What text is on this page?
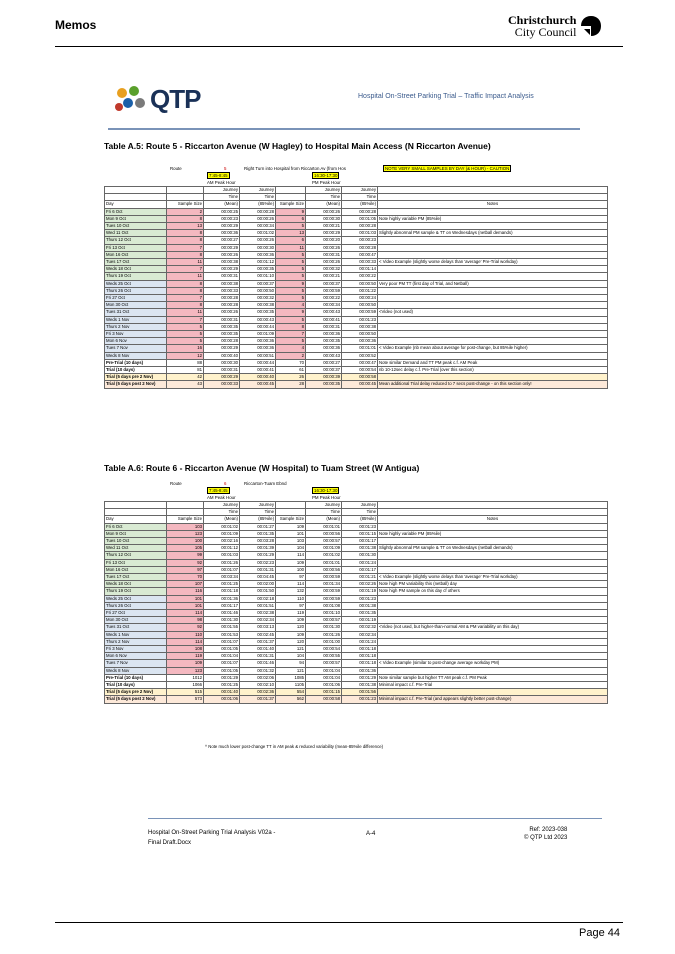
Memos	Christchurch
City Council
QTP	Hospital On-Street Parking Trial – Traffic Impact Analysis
Table A.5: Route 5 - Riccarton Avenue (W Hagley) to Hospital Main Access (N Riccarton Avenue)
Route	5	Right Turn into Hospital from Riccarton Av (from Hos	NOTE VERY SMALL SAMPLES BY DAY (& HOUR) - CAUTION
7:45-8:45	16:30-17:30
AM Peak Hour	PM Peak Hour
		Journey	Journey		Journey	Journey	
		Time	Time		Time	Time	
Day	Sample Size	(Mean)	(85%ile)	Sample Size	(Mean)	(85%ile)	Notes
Fri 6 Oct	2	00:00:25	00:00:28	9	00:00:26	00:00:28	
Mon 9 Oct	8	00:00:23	00:00:26	6	00:00:30	00:01:05	Note highly variable PM (85%ile)
Tues 10 Oct	13	00:00:29	00:00:34	5	00:00:21	00:00:28	
Wed 11 Oct	8	00:00:36	00:01:02	13	00:00:29	00:01:03	Slightly abnormal PM sample & TT on Wednesdays (netball demands)
Thurs 12 Oct	8	00:00:27	00:00:26	6	00:00:20	00:00:23	
Fri 13 Oct	7	00:00:29	00:00:30	11	00:00:26	00:00:28	
Mon 16 Oct	8	00:00:26	00:00:36	5	00:00:31	00:00:47	
Tues 17 Oct	11	00:00:38	00:01:12	5	00:00:26	00:00:33	< Video Example (slightly worse delays than 'average' Pre-Trial workday)
Weds 18 Oct	7	00:00:29	00:00:35	5	00:00:32	00:01:14	
Thurs 19 Oct	11	00:00:31	00:01:10	5	00:00:21	00:00:22	
Weds 25 Oct	8	00:00:38	00:00:37	9	00:00:37	00:00:50	Very poor PM TT (first day of Trial, and Netball)
Thurs 26 Oct	8	00:00:33	00:00:50	5	00:00:59	00:01:22	
Fri 27 Oct	7	00:00:28	00:00:32	5	00:00:22	00:00:24	
Mon 30 Oct	8	00:00:28	00:00:38	4	00:00:34	00:00:50	
Tues 31 Oct	11	00:00:26	00:00:35	9	00:00:43	00:00:59	<Video (not used)
Weds 1 Nov	7	00:00:31	00:00:43	5	00:00:41	00:01:23	
Thurs 2 Nov	5	00:00:35	00:00:44	8	00:00:31	00:00:38	
Fri 3 Nov	5	00:00:35	00:01:09	7	00:00:36	00:00:50	
Mon 6 Nov	5	00:00:28	00:00:36	5	00:00:35	00:00:36	
Tues 7 Nov	16	00:00:29	00:00:36	4	00:00:36	00:01:01	< Video Example (nb mean about average for post-change, but 85%ile higher)
Weds 8 Nov	12	00:00:40	00:00:51	2	00:00:43	00:00:52	
Pre-Trial (10 days)	88	00:00:30	00:00:44	70	00:00:27	00:00:47	Note similar Demand and TT PM peak c.f. AM Peak
Trial (10 days)	81	00:00:31	00:00:41	61	00:00:37	00:00:54	nb 10-12sec delay c.f. Pre-Trial (over this section)
Trial (5 days pre 2 Nov)	42	00:00:29	00:00:40	26	00:00:39	00:00:58	
Trial (5 days post 2 Nov)	43	00:00:33	00:00:45	28	00:00:35	00:00:45	Mean additional Trial delay reduced to 7 secs post-change - on this section only!
Table A.6: Route 6 - Riccarton Avenue (W Hospital) to Tuam Street (W Antigua)
Route	6	Riccarton-Tuam Ebnd
7:45-8:45	16:30-17:30
AM Peak Hour	PM Peak Hour
		Journey	Journey		Journey	Journey	
		Time	Time		Time	Time	
Day	Sample Size	(Mean)	(85%ile)	Sample Size	(Mean)	(85%ile)	Notes
Fri 6 Oct	103	00:01:02	00:01:27	109	00:01:01	00:01:23	
Mon 9 Oct	123	00:01:09	00:01:35	101	00:00:56	00:01:15	Note highly variable PM (85%ile)
Tues 10 Oct	100	00:02:16	00:03:28	103	00:00:57	00:01:17	
Wed 11 Oct	105	00:01:12	00:01:39	104	00:01:09	00:01:38	Slightly abnormal PM sample & TT on Wednesdays (netball demands)
Thurs 12 Oct	99	00:01:03	00:01:29	114	00:01:02	00:01:30	
Fri 13 Oct	92	00:01:26	00:02:23	109	00:01:01	00:01:24	
Mon 16 Oct	97	00:01:07	00:01:31	100	00:00:56	00:01:17	
Tues 17 Oct	70	00:03:34	00:04:45	97	00:00:59	00:01:21	< Video Example (slightly worse delays than 'average' Pre-Trial workday)
Weds 18 Oct	107	00:01:25	00:02:00	114	00:01:34	00:02:26	Note high PM variability this (netball) day
Thurs 19 Oct	116	00:01:18	00:01:50	132	00:00:59	00:01:19	Note high PM sample on this day cf others
Weds 25 Oct	101	00:01:36	00:02:18	110	00:00:59	00:01:23	
Thurs 26 Oct	101	00:01:17	00:01:51	97	00:01:08	00:01:38	
Fri 27 Oct	114	00:01:46	00:02:38	119	00:01:10	00:01:35	
Mon 30 Oct	98	00:01:30	00:02:34	109	00:00:57	00:01:19	
Tues 31 Oct	92	00:01:55	00:03:13	120	00:01:30	00:02:32	<Video (not used, but higher-than-normal AM & PM variability on this day)
Weds 1 Nov	110	00:01:53	00:02:45	109	00:01:26	00:02:34	
Thurs 2 Nov	114	00:01:07	00:01:37	120	00:01:00	00:01:24	
Fri 3 Nov	108	00:01:05	00:01:40	121	00:00:54	00:01:18	
Mon 6 Nov	119	00:01:04	00:01:31	104	00:00:55	00:01:18	
Tues 7 Nov	109	00:01:07	00:01:46	94	00:00:57	00:01:18	< Video Example (similar to post-change average workday PM)
Weds 8 Nov	123	00:01:05	00:01:32	121	00:01:04	00:01:36	
Pre-Trial (10 days)	1012	00:01:29	00:02:06	1085	00:01:04	00:01:29	Note similar sample but higher TT AM peak c.f. PM Peak
Trial (10 days)	1066	00:01:25	00:02:10	1105	00:01:06	00:01:38	Minimal impact c.f. Pre-Trial
Trial (5 days pre 2 Nov)	515	00:01:40	00:02:36	554	00:01:15	00:01:56	
Trial (5 days post 2 Nov)	573	00:01:06	00:01:37	562	00:00:58	00:01:23	Minimal impact c.f. Pre-Trial (and appears slightly better post-change)
^ Note much lower post-change TT in AM peak & reduced variability (mean-85%ile difference)
Hospital On-Street Parking Trial Analysis V02a -
Final Draft.Docx
A-4
Ref: 2023-038
© QTP Ltd 2023
Page 44
